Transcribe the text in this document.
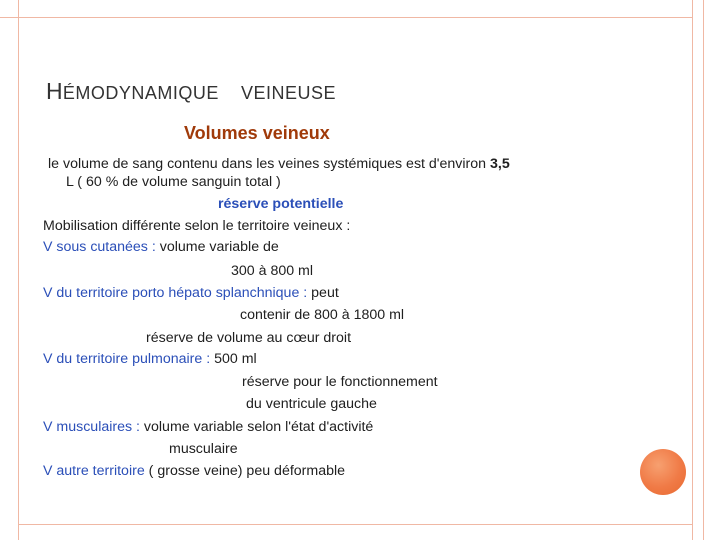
HÉMODYNAMIQUE VEINEUSE
Volumes veineux
le volume de sang contenu dans les veines systémiques est d'environ 3,5
L ( 60 % de volume sanguin total )
réserve potentielle
Mobilisation différente selon le territoire veineux :
V sous cutanées : volume variable de
300 à 800 ml
V du territoire porto hépato splanchnique : peut
contenir de 800 à 1800 ml
réserve de volume au cœur droit
V du territoire pulmonaire : 500 ml
réserve pour le fonctionnement
du ventricule gauche
V musculaires : volume variable selon l'état d'activité
musculaire
V autre territoire ( grosse veine) peu déformable
